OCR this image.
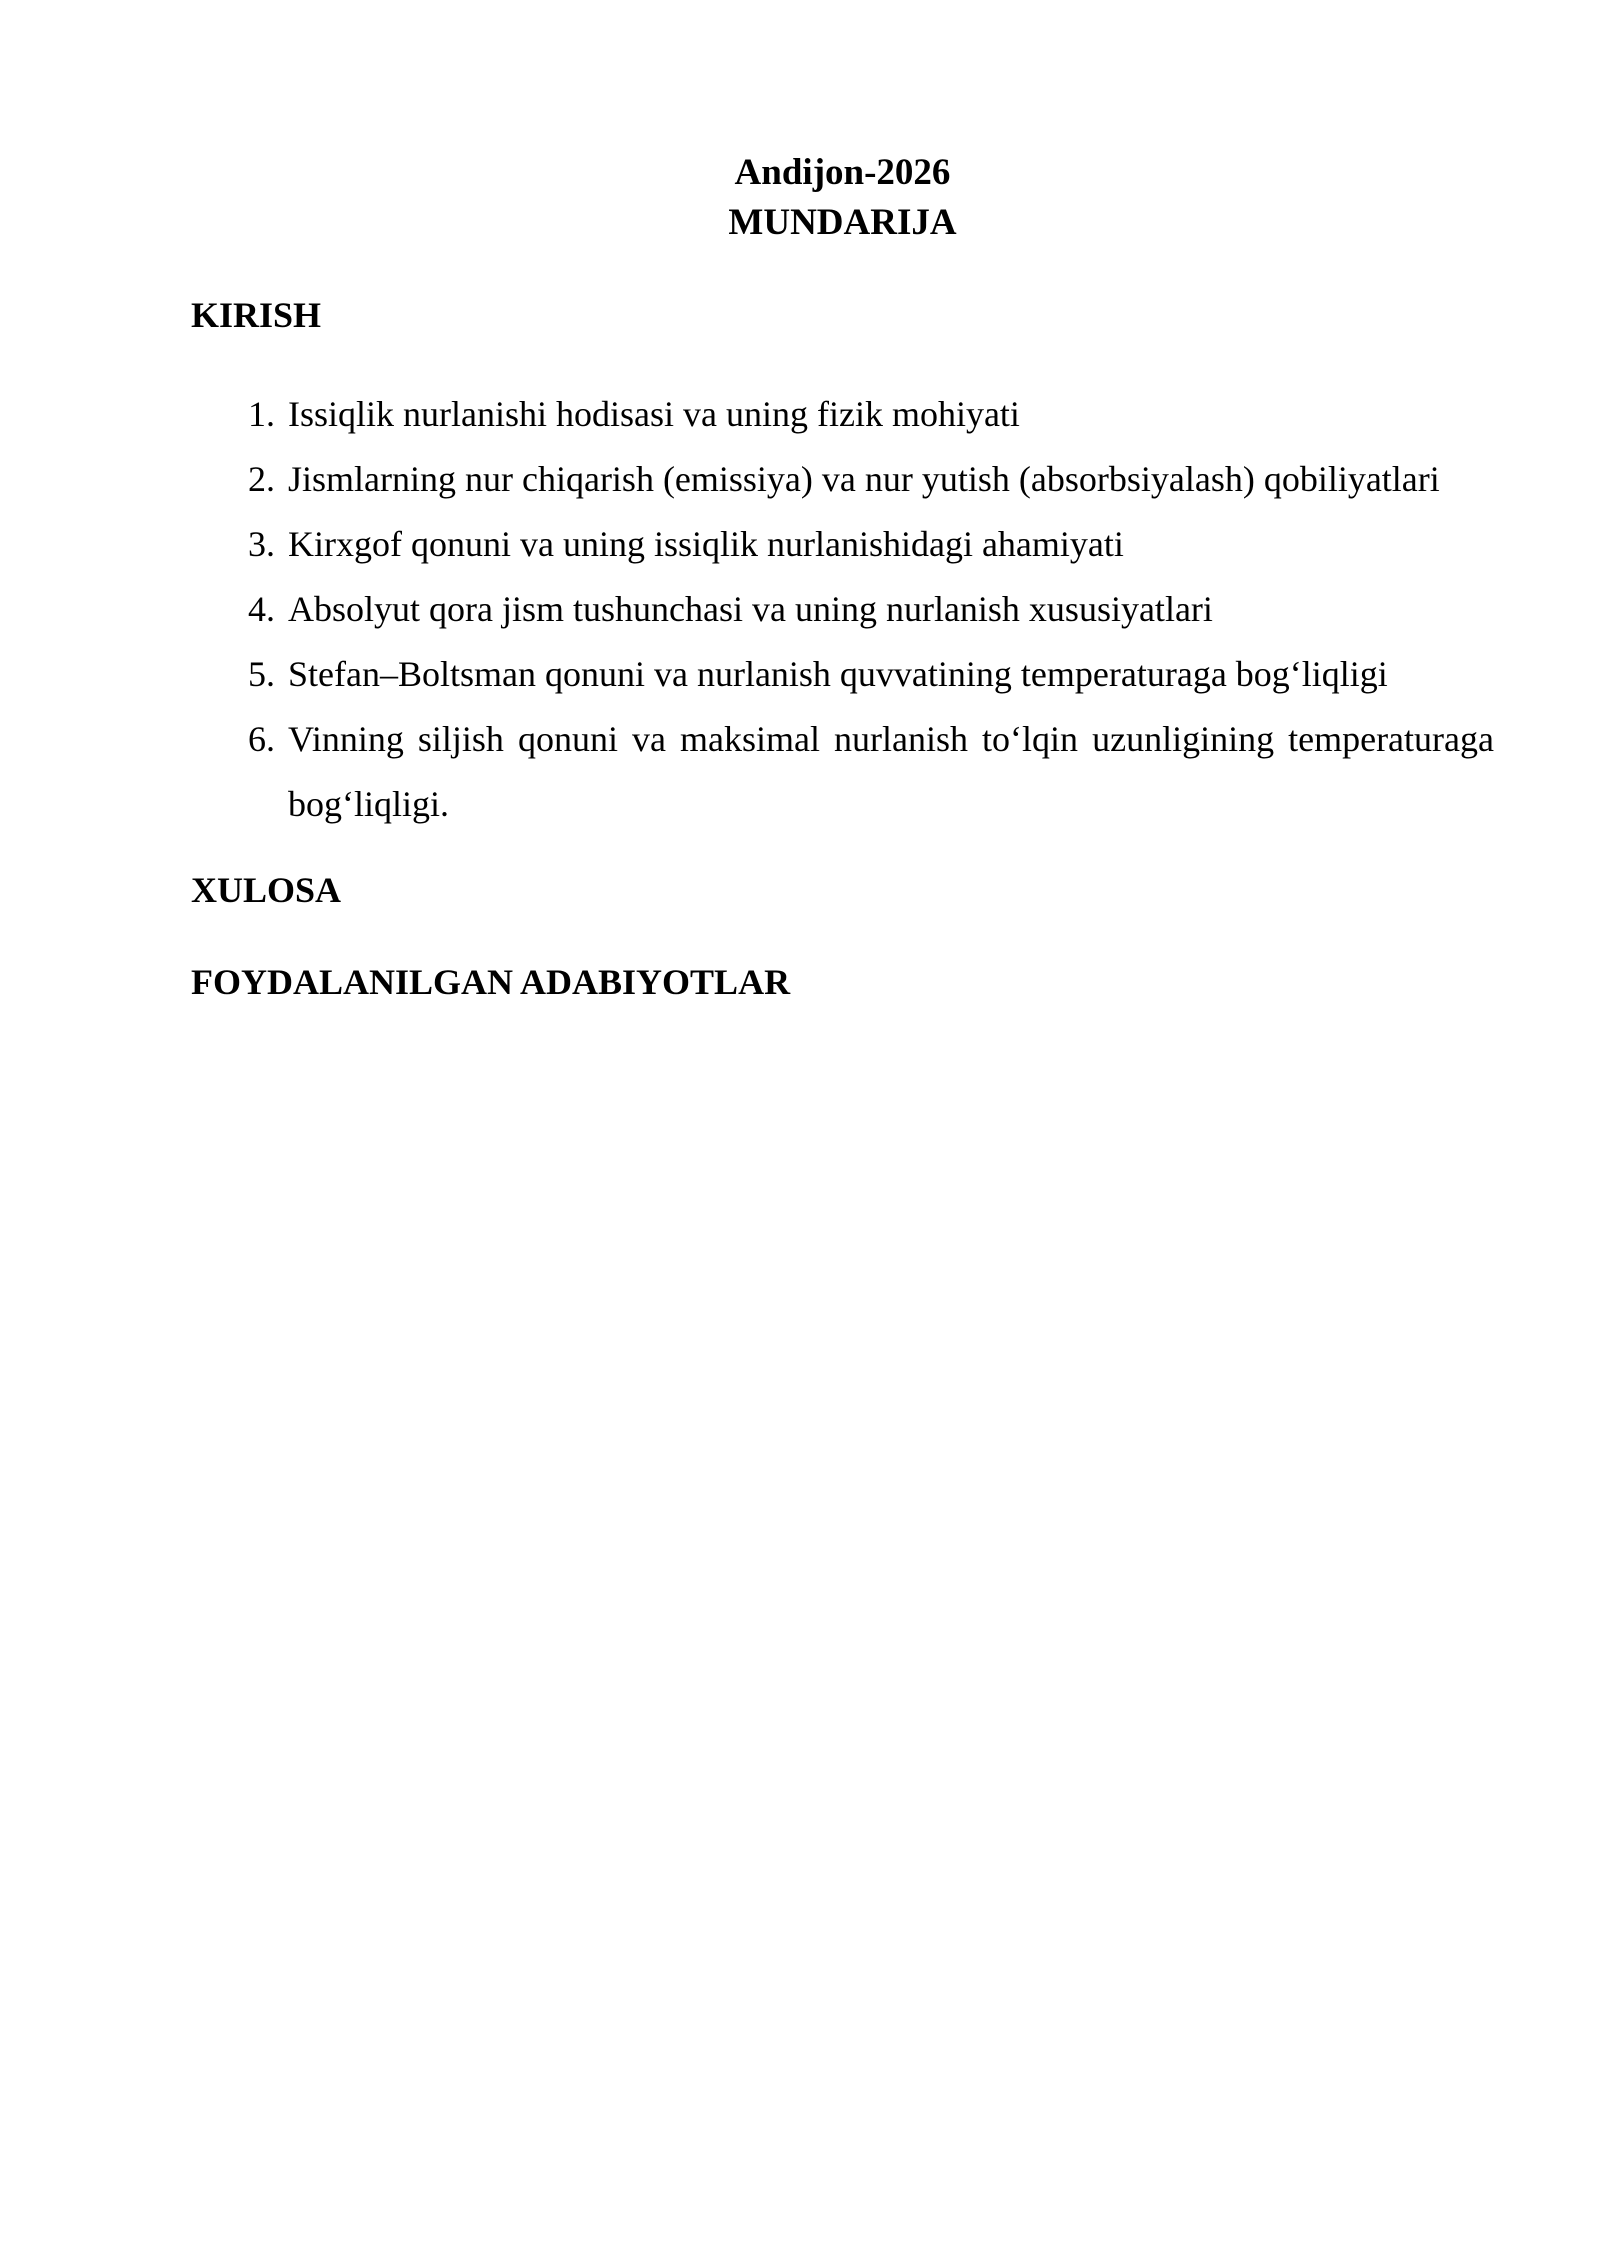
Andijon-2026

MUNDARIJA

KIRISH

1. Issiqlik nurlanishi hodisasi va uning fizik mohiyati
2. Jismlarning nur chiqarish (emissiya) va nur yutish (absorbsiyalash) qobiliyatlari
3. Kirxgof qonuni va uning issiqlik nurlanishidagi ahamiyati
4. Absolyut qora jism tushunchasi va uning nurlanish xususiyatlari
5. Stefan–Boltsman qonuni va nurlanish quvvatining temperaturaga bog‘liqligi
6. Vinning siljish qonuni va maksimal nurlanish to‘lqin uzunligining temperaturaga bog‘liqligi.

XULOSA

FOYDALANILGAN ADABIYOTLAR
